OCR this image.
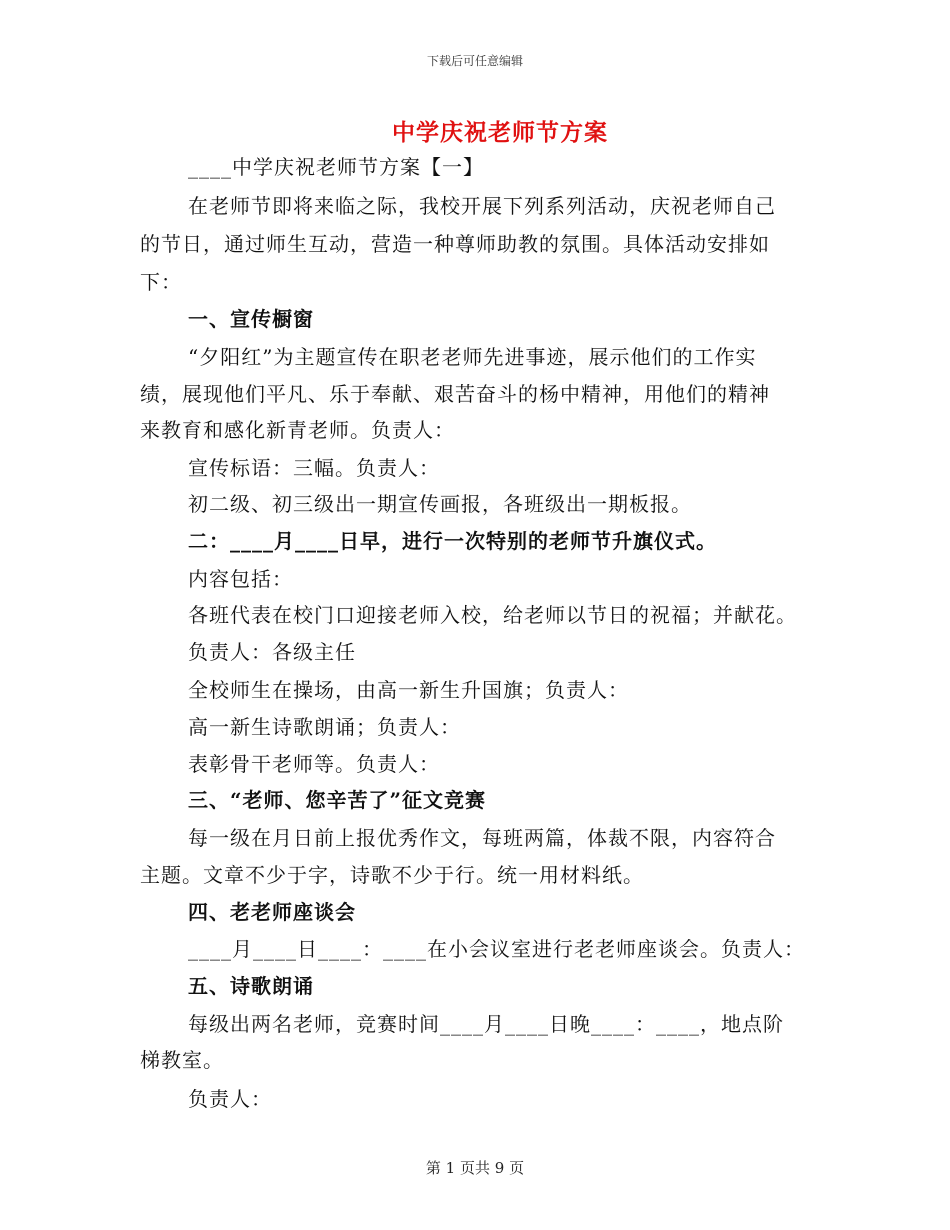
下载后可任意编辑
中学庆祝老师节方案
____中学庆祝老师节方案【一】
在老师节即将来临之际，我校开展下列系列活动，庆祝老师自己
的节日，通过师生互动，营造一种尊师助教的氛围。具体活动安排如
下：
一、宣传橱窗
“夕阳红”为主题宣传在职老老师先进事迹，展示他们的工作实
绩，展现他们平凡、乐于奉献、艰苦奋斗的杨中精神，用他们的精神
来教育和感化新青老师。负责人：
宣传标语：三幅。负责人：
初二级、初三级出一期宣传画报，各班级出一期板报。
二：____月____日早，进行一次特别的老师节升旗仪式。
内容包括：
各班代表在校门口迎接老师入校，给老师以节日的祝福；并献花。
负责人：各级主任
全校师生在操场，由高一新生升国旗；负责人：
高一新生诗歌朗诵；负责人：
表彰骨干老师等。负责人：
三、“老师、您辛苦了”征文竞赛
每一级在月日前上报优秀作文，每班两篇，体裁不限，内容符合
主题。文章不少于字，诗歌不少于行。统一用材料纸。
四、老老师座谈会
____月____日____：____在小会议室进行老老师座谈会。负责人：
五、诗歌朗诵
每级出两名老师，竞赛时间____月____日晚____：____，地点阶
梯教室。
负责人：
第 1 页共 9 页
